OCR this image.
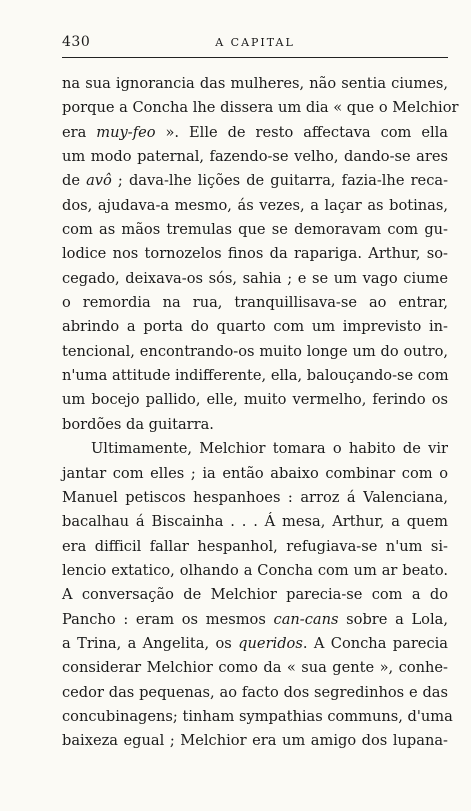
430	A CAPITAL
na sua ignorancia das mulheres, não sentia ciumes,
porque a Concha lhe dissera um dia « que o Melchior
era muy-feo ». Elle de resto affectava com ella
um modo paternal, fazendo-se velho, dando-se ares
de avô ; dava-lhe lições de guitarra, fazia-lhe reca-
dos, ajudava-a mesmo, ás vezes, a laçar as botinas,
com as mãos tremulas que se demoravam com gu-
lodice nos tornozelos finos da rapariga. Arthur, so-
cegado, deixava-os sós, sahia ; e se um vago ciume
o remordia na rua, tranquillisava-se ao entrar,
abrindo a porta do quarto com um imprevisto in-
tencional, encontrando-os muito longe um do outro,
n'uma attitude indifferente, ella, balouçando-se com
um bocejo pallido, elle, muito vermelho, ferindo os
bordões da guitarra.
Ultimamente, Melchior tomara o habito de vir
jantar com elles ; ia então abaixo combinar com o
Manuel petiscos hespanhoes : arroz á Valenciana,
bacalhau á Biscainha . . . Á mesa, Arthur, a quem
era difficil fallar hespanhol, refugiava-se n'um si-
lencio extatico, olhando a Concha com um ar beato.
A conversação de Melchior parecia-se com a do
Pancho : eram os mesmos can-cans sobre a Lola,
a Trina, a Angelita, os queridos. A Concha parecia
considerar Melchior como da « sua gente », conhe-
cedor das pequenas, ao facto dos segredinhos e das
concubinagens; tinham sympathias communs, d'uma
baixeza egual ; Melchior era um amigo dos lupana-
